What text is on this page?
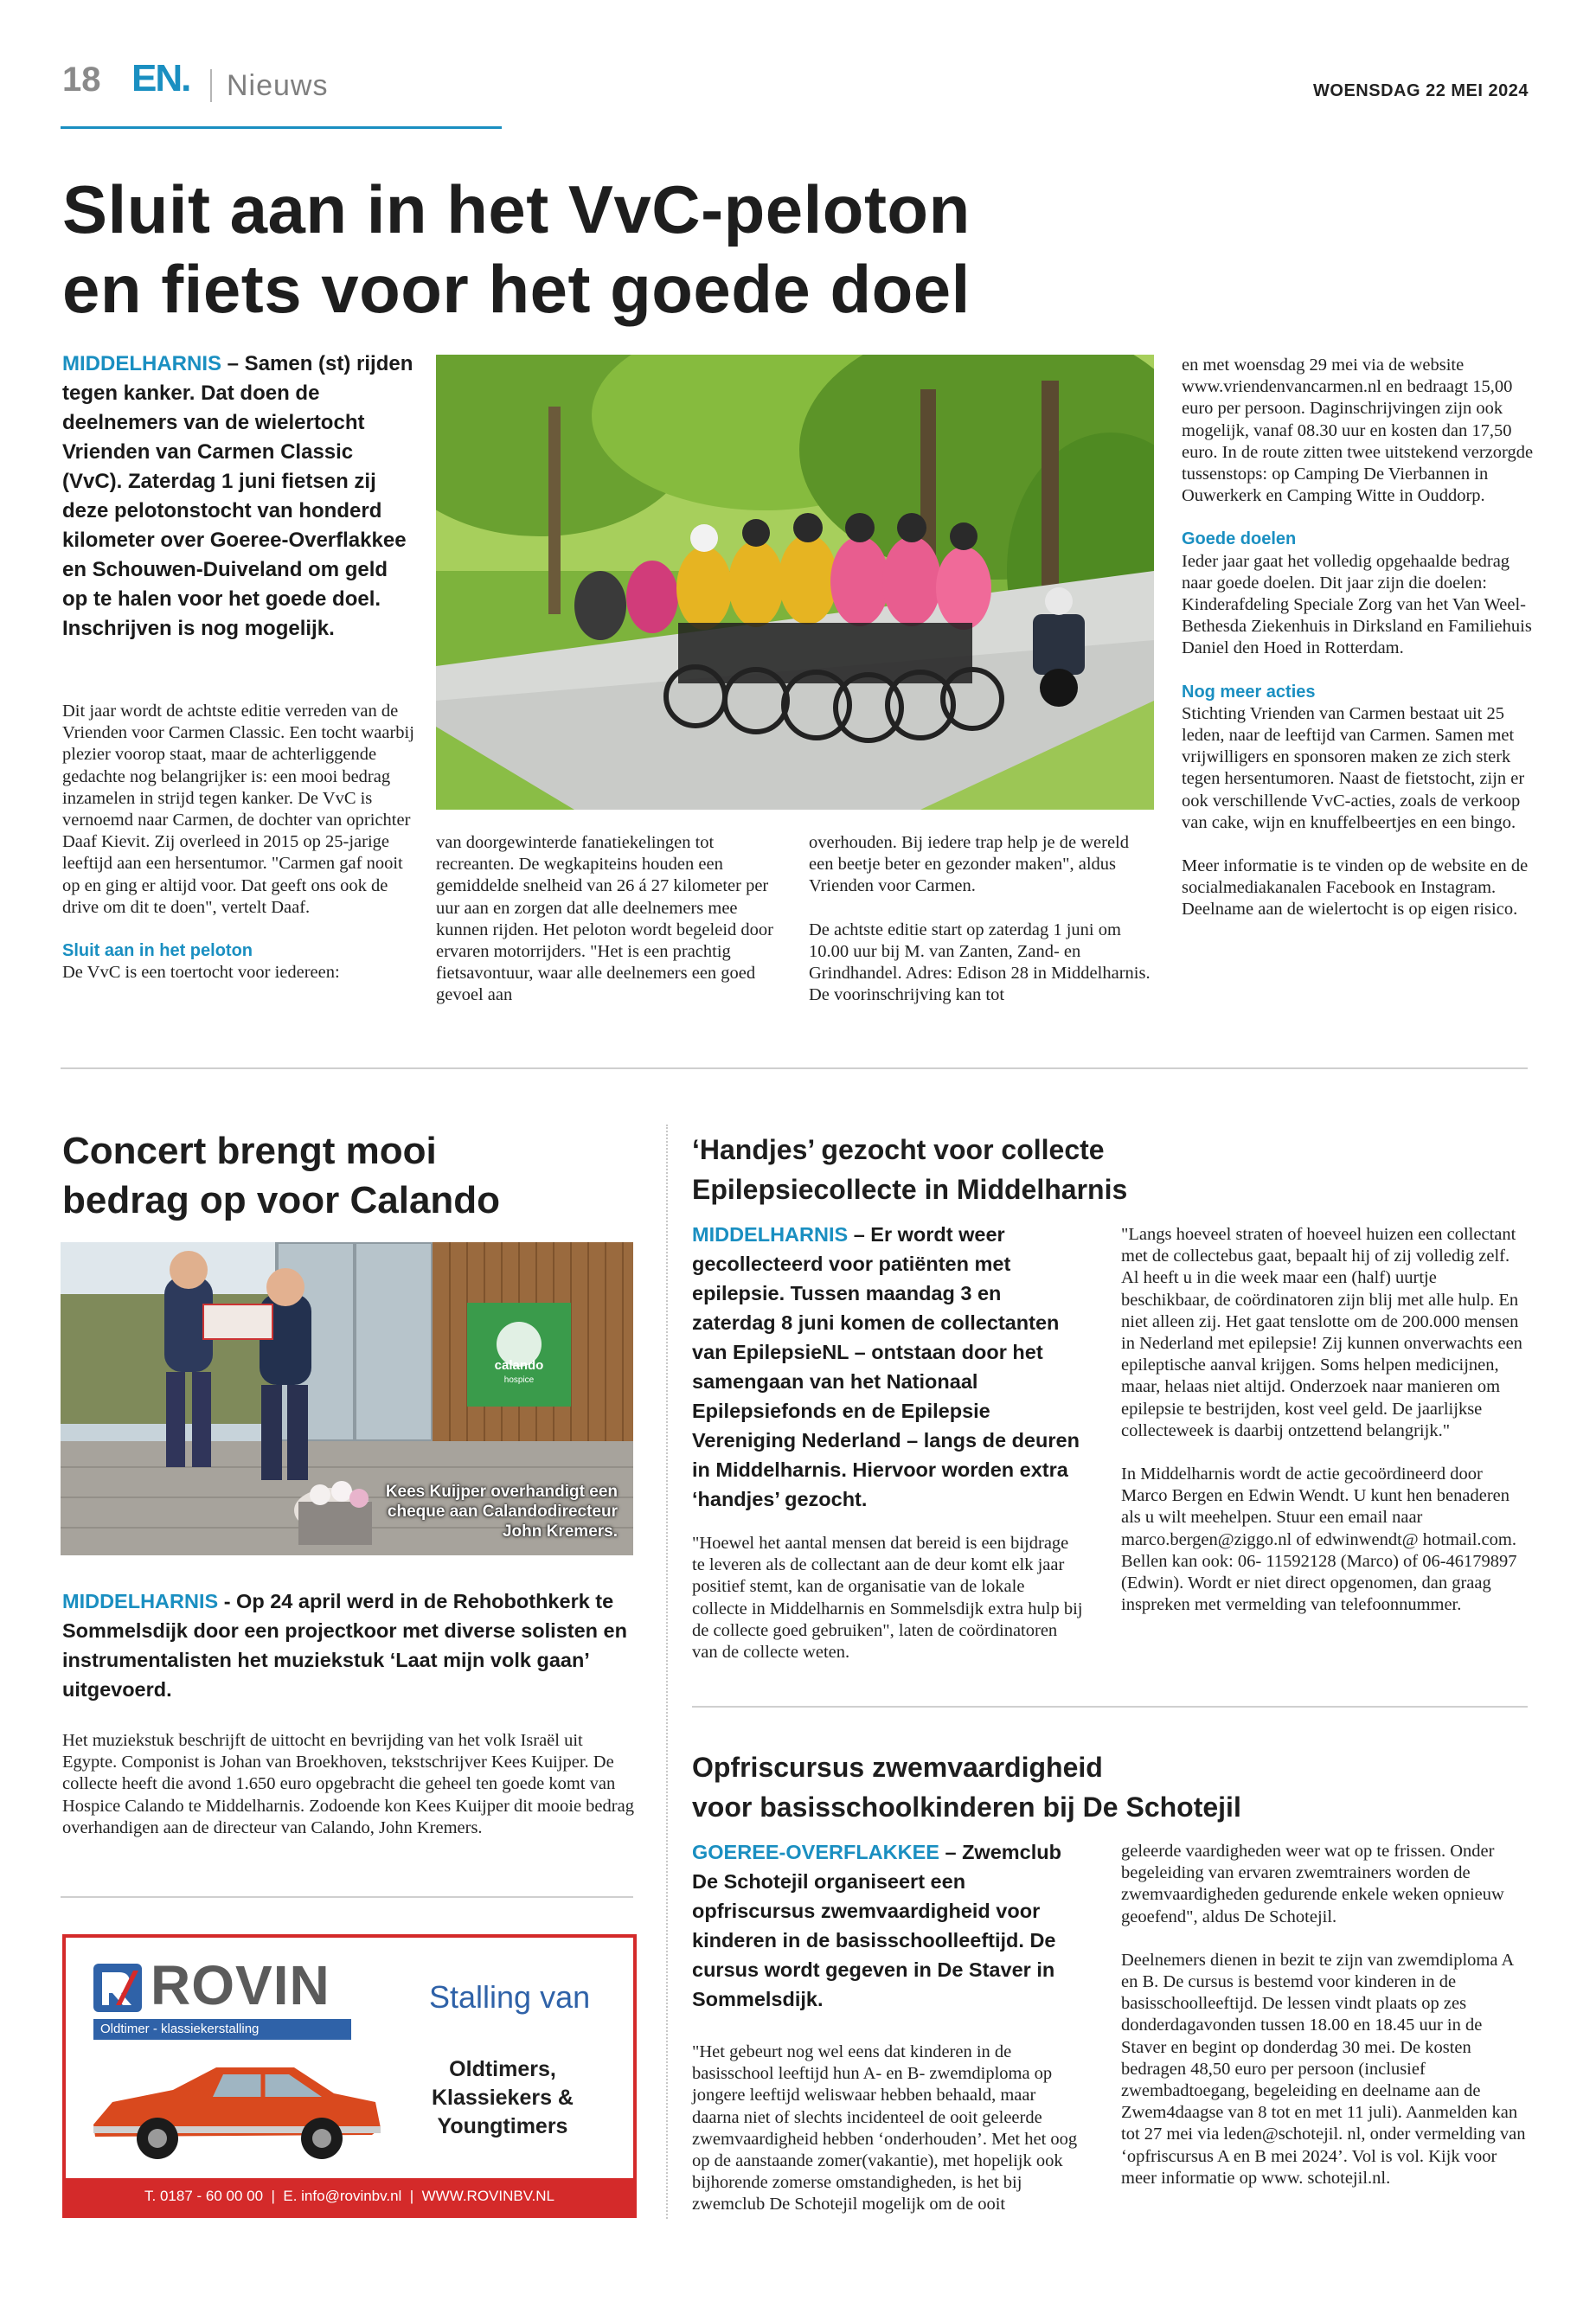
18 EN. Nieuws	WOENSDAG 22 MEI 2024
Sluit aan in het VvC-peloton
en fiets voor het goede doel
MIDDELHARNIS – Samen (st) rijden tegen kanker. Dat doen de deelnemers van de wielertocht Vrienden van Carmen Classic (VvC). Zaterdag 1 juni fietsen zij deze pelotonstocht van honderd kilometer over Goeree-Overflakkee en Schouwen-Duiveland om geld op te halen voor het goede doel. Inschrijven is nog mogelijk.

Dit jaar wordt de achtste editie verreden van de Vrienden voor Carmen Classic. Een tocht waarbij plezier voorop staat, maar de achterliggende gedachte nog belangrijker is: een mooi bedrag inzamelen in strijd tegen kanker. De VvC is vernoemd naar Carmen, de dochter van oprichter Daaf Kievit. Zij overleed in 2015 op 25-jarige leeftijd aan een hersentumor. "Carmen gaf nooit op en ging er altijd voor. Dat geeft ons ook de drive om dit te doen", vertelt Daaf.

Sluit aan in het peloton
De VvC is een toertocht voor iedereen:

van doorgewinterde fanatiekelingen tot recreanten. De wegkapiteins houden een gemiddelde snelheid van 26 á 27 kilometer per uur aan en zorgen dat alle deelnemers mee kunnen rijden. Het peloton wordt begeleid door ervaren motorrijders. "Het is een prachtig fietsavontuur, waar alle deelnemers een goed gevoel aan

overhouden. Bij iedere trap help je de wereld een beetje beter en gezonder maken", aldus Vrienden voor Carmen.

De achtste editie start op zaterdag 1 juni om 10.00 uur bij M. van Zanten, Zand- en Grindhandel. Adres: Edison 28 in Middelharnis. De voorinschrijving kan tot

en met woensdag 29 mei via de website www.vriendenvancarmen.nl en bedraagt 15,00 euro per persoon. Daginschrijvingen zijn ook mogelijk, vanaf 08.30 uur en kosten dan 17,50 euro. In de route zitten twee uitstekend verzorgde tussenstops: op Camping De Vierbannen in Ouwerkerk en Camping Witte in Ouddorp.

Goede doelen
Ieder jaar gaat het volledig opgehaalde bedrag naar goede doelen. Dit jaar zijn die doelen: Kinderafdeling Speciale Zorg van het Van Weel-Bethesda Ziekenhuis in Dirksland en Familiehuis Daniel den Hoed in Rotterdam.

Nog meer acties
Stichting Vrienden van Carmen bestaat uit 25 leden, naar de leeftijd van Carmen. Samen met vrijwilligers en sponsoren maken ze zich sterk tegen hersentumoren. Naast de fietstocht, zijn er ook verschillende VvC-acties, zoals de verkoop van cake, wijn en knuffelbeertjes en een bingo.

Meer informatie is te vinden op de website en de socialmediakanalen Facebook en Instagram. Deelname aan de wielertocht is op eigen risico.

Concert brengt mooi
bedrag op voor Calando
calando
hospice
Kees Kuijper overhandigt een cheque aan Calandodirecteur John Kremers.
MIDDELHARNIS - Op 24 april werd in de Rehobothkerk te Sommelsdijk door een projectkoor met diverse solisten en instrumentalisten het muziekstuk ‘Laat mijn volk gaan’ uitgevoerd.

Het muziekstuk beschrijft de uittocht en bevrijding van het volk Israël uit Egypte. Componist is Johan van Broekhoven, tekstschrijver Kees Kuijper. De collecte heeft die avond 1.650 euro opgebracht die geheel ten goede komt van Hospice Calando te Middelharnis. Zodoende kon Kees Kuijper dit mooie bedrag overhandigen aan de directeur van Calando, John Kremers.

ROVIN
Oldtimer - klassiekerstalling
Stalling van
Oldtimers,
Klassiekers &
Youngtimers
T. 0187 - 60 00 00  |  E. info@rovinbv.nl  |  WWW.ROVINBV.NL
‘Handjes’ gezocht voor collecte
Epilepsiecollecte in Middelharnis
MIDDELHARNIS – Er wordt weer gecollecteerd voor patiënten met epilepsie. Tussen maandag 3 en zaterdag 8 juni komen de collectanten van EpilepsieNL – ontstaan door het samengaan van het Nationaal Epilepsiefonds en de Epilepsie Vereniging Nederland – langs de deuren in Middelharnis. Hiervoor worden extra ‘handjes’ gezocht.

"Hoewel het aantal mensen dat bereid is een bijdrage te leveren als de collectant aan de deur komt elk jaar positief stemt, kan de organisatie van de lokale collecte in Middelharnis en Sommelsdijk extra hulp bij de collecte goed gebruiken", laten de coördinatoren van de collecte weten.

"Langs hoeveel straten of hoeveel huizen een collectant met de collectebus gaat, bepaalt hij of zij volledig zelf. Al heeft u in die week maar een (half) uurtje beschikbaar, de coördinatoren zijn blij met alle hulp. En niet alleen zij. Het gaat tenslotte om de 200.000 mensen in Nederland met epilepsie! Zij kunnen onverwachts een epileptische aanval krijgen. Soms helpen medicijnen, maar, helaas niet altijd. Onderzoek naar manieren om epilepsie te bestrijden, kost veel geld. De jaarlijkse collecteweek is daarbij ontzettend belangrijk."

In Middelharnis wordt de actie gecoördineerd door Marco Bergen en Edwin Wendt. U kunt hen benaderen als u wilt meehelpen. Stuur een email naar marco.bergen@ziggo.nl of edwinwendt@ hotmail.com. Bellen kan ook: 06- 11592128 (Marco) of 06-46179897 (Edwin). Wordt er niet direct opgenomen, dan graag inspreken met vermelding van telefoonnummer.

Opfriscursus zwemvaardigheid
voor basisschoolkinderen bij De Schotejil
GOEREE-OVERFLAKKEE – Zwemclub De Schotejil organiseert een opfriscursus zwemvaardigheid voor kinderen in de basisschoolleeftijd. De cursus wordt gegeven in De Staver in Sommelsdijk.

"Het gebeurt nog wel eens dat kinderen in de basisschool leeftijd hun A- en B- zwemdiploma op jongere leeftijd weliswaar hebben behaald, maar daarna niet of slechts incidenteel de ooit geleerde zwemvaardigheid hebben ‘onderhouden’. Met het oog op de aanstaande zomer(vakantie), met hopelijk ook bijhorende zomerse omstandigheden, is het bij zwemclub De Schotejil mogelijk om de ooit

geleerde vaardigheden weer wat op te frissen. Onder begeleiding van ervaren zwemtrainers worden de zwemvaardigheden gedurende enkele weken opnieuw geoefend", aldus De Schotejil.

Deelnemers dienen in bezit te zijn van zwemdiploma A en B. De cursus is bestemd voor kinderen in de basisschoolleeftijd. De lessen vindt plaats op zes donderdagavonden tussen 18.00 en 18.45 uur in de Staver en begint op donderdag 30 mei. De kosten bedragen 48,50 euro per persoon (inclusief zwembadtoegang, begeleiding en deelname aan de Zwem4daagse van 8 tot en met 11 juli). Aanmelden kan tot 27 mei via leden@schotejil. nl, onder vermelding van ‘opfriscursus A en B mei 2024’. Vol is vol. Kijk voor meer informatie op www. schotejil.nl.
